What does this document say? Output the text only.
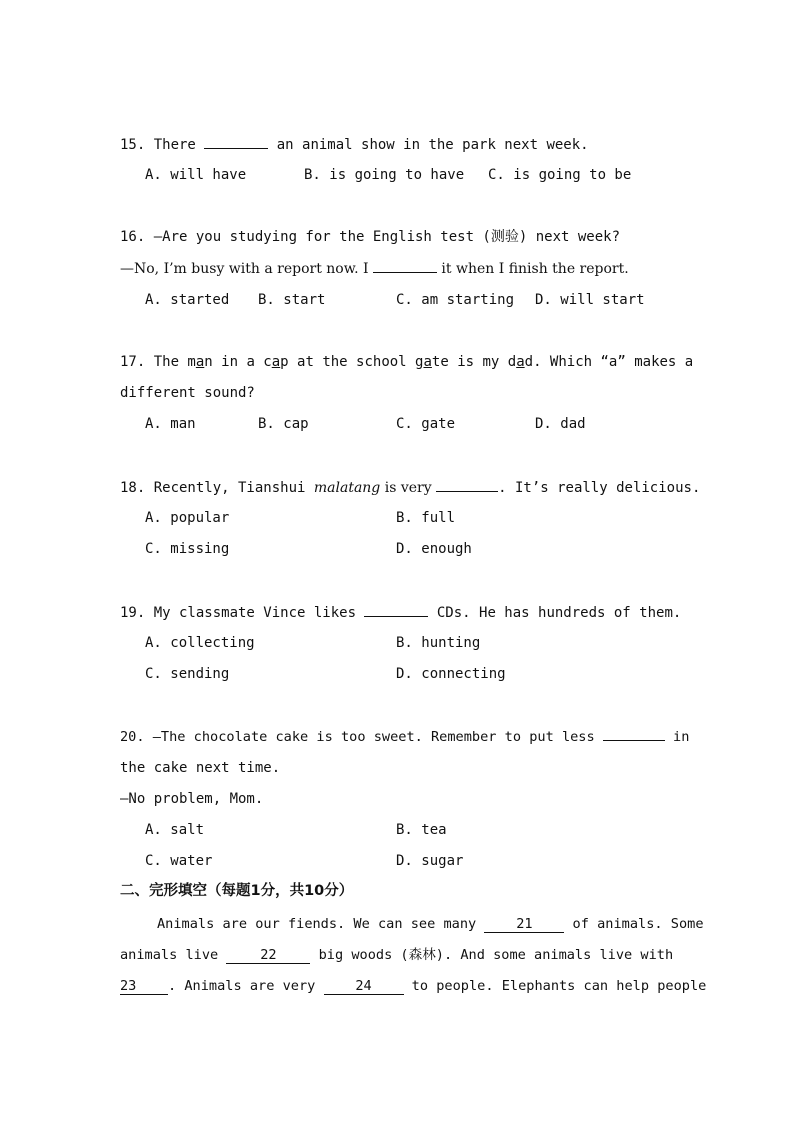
15. There	an animal show in the park next week.
A. will have	B. is going to have C. is going to be
16. —Are you studying for the English test (测验) next week?
—No, I’m busy with a report now. I	it when I finish the report.
A. started B. start	C. am starting D. will start
17. The man in a cap at the school gate is my dad. Which “a” makes a
different sound?
A. man	B. cap	C. gate	D. dad
18. Recently, Tianshui malatang is very	. It’s really delicious.
A. popular	B. full
C. missing	D. enough
19. My classmate Vince likes	CDs. He has hundreds of them.
A. collecting	B. hunting
C. sending	D. connecting
20. —The chocolate cake is too sweet. Remember to put less	in
the cake next time.
—No problem, Mom.
A. salt	B. tea
C. water	D. sugar
二、完形填空（每题1分，共10分）
Animals are our fiends. We can see many 21 of animals. Some
animals live 22 big woods (森林). And some animals live with
23 . Animals are very 24 to people. Elephants can help people
